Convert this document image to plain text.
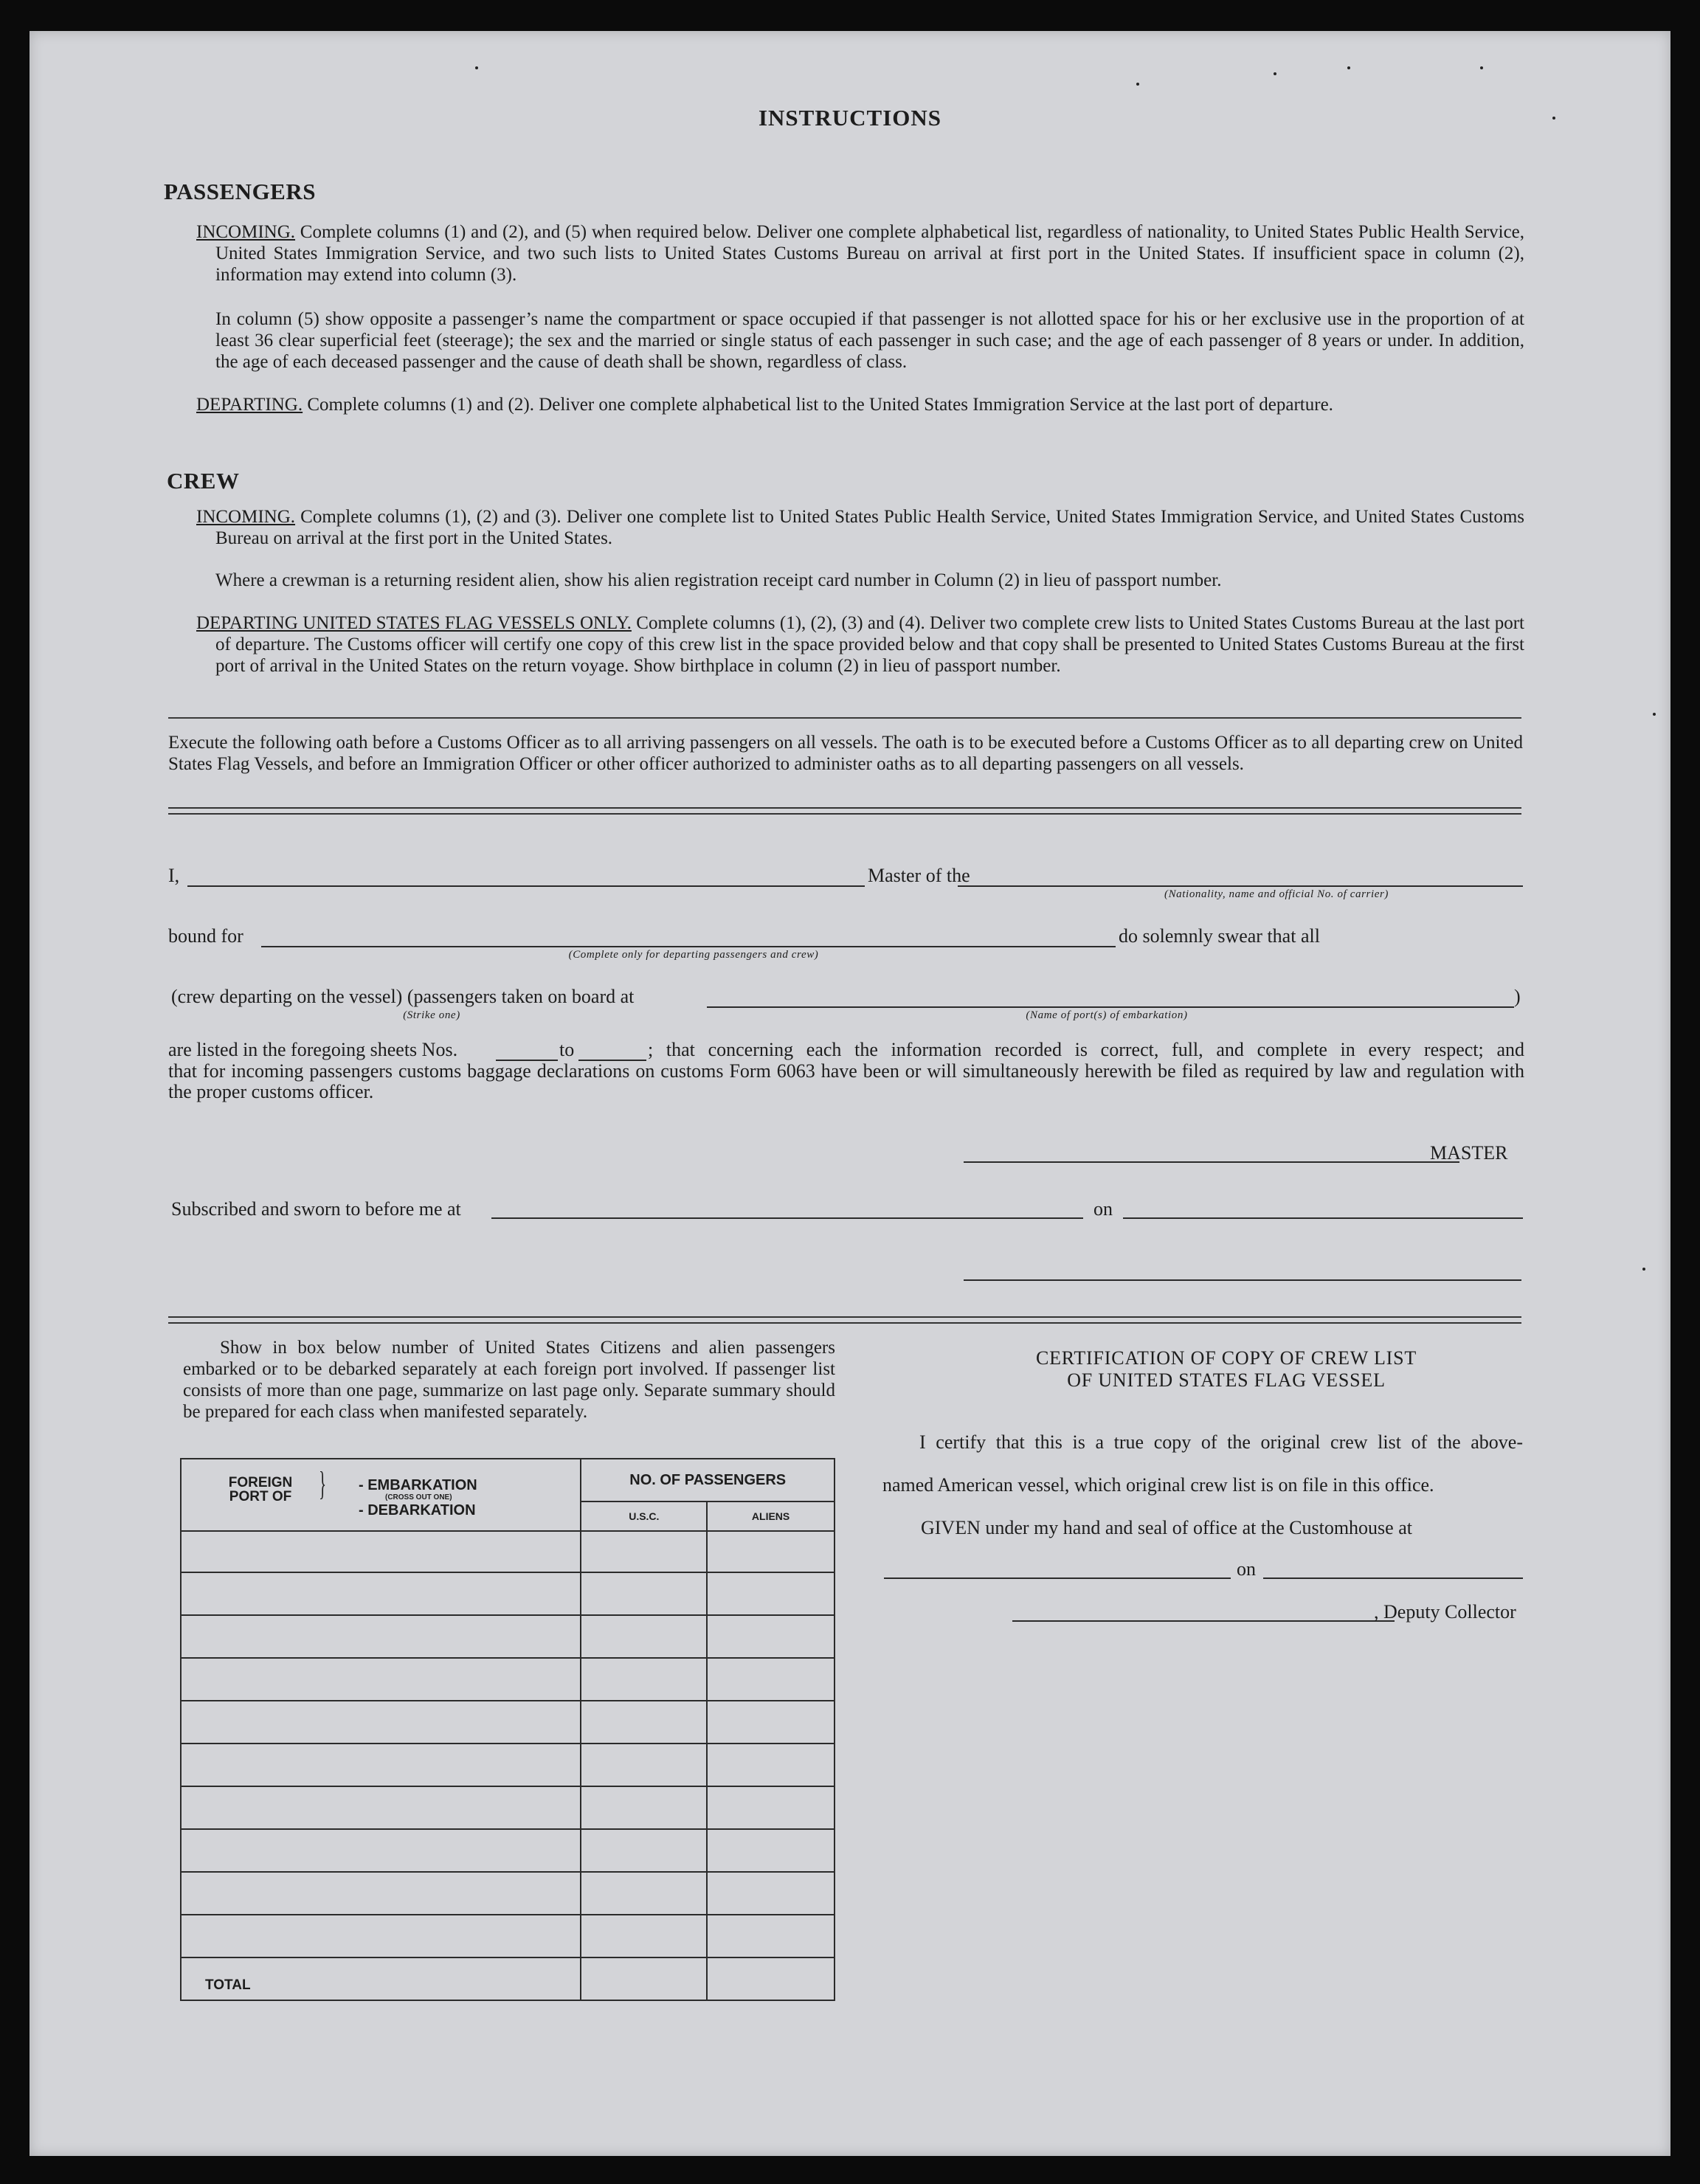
INSTRUCTIONS
PASSENGERS
INCOMING. Complete columns (1) and (2), and (5) when required below. Deliver one complete alphabetical list, regardless of nationality, to United States Public Health Service, United States Immigration Service, and two such lists to United States Customs Bureau on arrival at first port in the United States. If insufficient space in column (2), information may extend into column (3).
In column (5) show opposite a passenger’s name the compartment or space occupied if that passenger is not allotted space for his or her exclusive use in the proportion of at least 36 clear superficial feet (steerage); the sex and the married or single status of each passenger in such case; and the age of each passenger of 8 years or under. In addition, the age of each deceased passenger and the cause of death shall be shown, regardless of class.
DEPARTING. Complete columns (1) and (2). Deliver one complete alphabetical list to the United States Immigration Service at the last port of departure.
CREW
INCOMING. Complete columns (1), (2) and (3). Deliver one complete list to United States Public Health Service, United States Immigration Service, and United States Customs Bureau on arrival at the first port in the United States.
Where a crewman is a returning resident alien, show his alien registration receipt card number in Column (2) in lieu of passport number.
DEPARTING UNITED STATES FLAG VESSELS ONLY. Complete columns (1), (2), (3) and (4). Deliver two complete crew lists to United States Customs Bureau at the last port of departure. The Customs officer will certify one copy of this crew list in the space provided below and that copy shall be presented to United States Customs Bureau at the first port of arrival in the United States on the return voyage. Show birthplace in column (2) in lieu of passport number.
Execute the following oath before a Customs Officer as to all arriving passengers on all vessels. The oath is to be executed before a Customs Officer as to all departing crew on United States Flag Vessels, and before an Immigration Officer or other officer authorized to administer oaths as to all departing passengers on all vessels.
I,	Master of the
(Nationality, name and official No. of carrier)
bound for	do solemnly swear that all
(Complete only for departing passengers and crew)
(crew departing on the vessel) (passengers taken on board at	)
(Strike one)	(Name of port(s) of embarkation)
are listed in the foregoing sheets Nos.	to	; that concerning each the information recorded is correct, full, and complete in every respect; and
that for incoming passengers customs baggage declarations on customs Form 6063 have been or will simultaneously herewith be filed as required by law and regulation with the proper customs officer.
MASTER
Subscribed and sworn to before me at	on
Show in box below number of United States Citizens and alien passengers embarked or to be debarked separately at each foreign port involved. If passenger list consists of more than one page, summarize on last page only. Separate summary should be prepared for each class when manifested separately.
FOREIGN PORT OF } - EMBARKATION
(CROSS OUT ONE)
- DEBARKATION	NO. OF PASSENGERS	
	U.S.C.	ALIENS

TOTAL		
CERTIFICATION OF COPY OF CREW LIST
OF UNITED STATES FLAG VESSEL
I certify that this is a true copy of the original crew list of the above-
named American vessel, which original crew list is on file in this office.
GIVEN under my hand and seal of office at the Customhouse at
on
, Deputy Collector
